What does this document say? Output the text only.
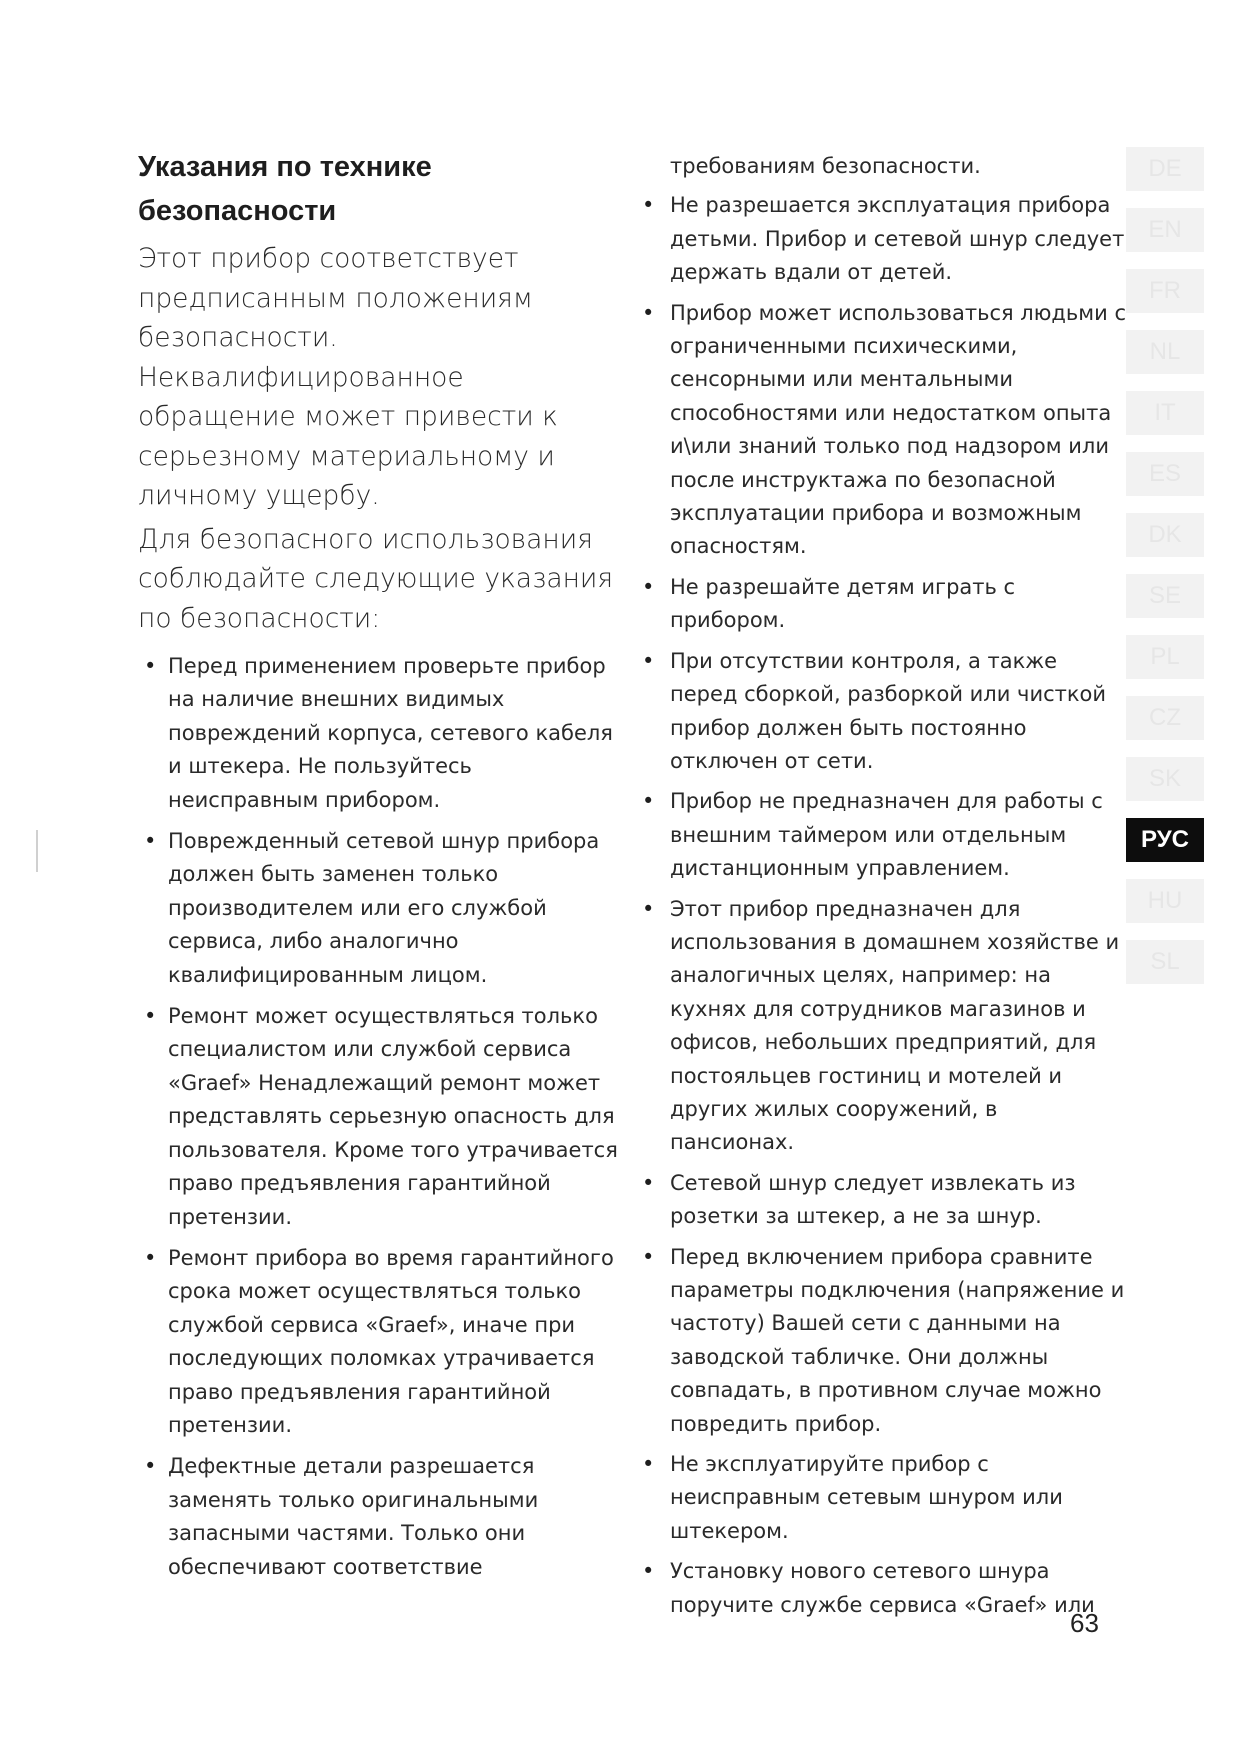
Указания по технике безопасности

Этот прибор соответствует предписанным положениям безопасности.

Неквалифицированное обращение может привести к серьезному материальному и личному ущербу.

Для безопасного использования соблюдайте следующие указания по безопасности:

• Перед применением проверьте прибор на наличие внешних видимых повреждений корпуса, сетевого кабеля и штекера. Не пользуйтесь неисправным прибором.
• Поврежденный сетевой шнур прибора должен быть заменен только производителем или его службой сервиса, либо аналогично квалифицированным лицом.
• Ремонт может осуществляться только специалистом или службой сервиса «Graef» Ненадлежащий ремонт может представлять серьезную опасность для пользователя. Кроме того утрачивается право предъявления гарантийной претензии.
• Ремонт прибора во время гарантийного срока может осуществляться только службой сервиса «Graef», иначе при последующих поломках утрачивается право предъявления гарантийной претензии.
• Дефектные детали разрешается заменять только оригинальными запасными частями. Только они обеспечивают соответствие
требованиям безопасности.
• Не разрешается эксплуатация прибора детьми. Прибор и сетевой шнур следует держать вдали от детей.
• Прибор может использоваться людьми с ограниченными психическими, сенсорными или ментальными способностями или недостатком опыта и\или знаний только под надзором или после инструктажа по безопасной эксплуатации прибора и возможным опасностям.
• Не разрешайте детям играть с прибором.
• При отсутствии контроля, а также перед сборкой, разборкой или чисткой прибор должен быть постоянно отключен от сети.
• Прибор не предназначен для работы с внешним таймером или отдельным дистанционным управлением.
• Этот прибор предназначен для использования в домашнем хозяйстве и аналогичных целях, например: на кухнях для сотрудников магазинов и офисов, небольших предприятий, для постояльцев гостиниц и мотелей и других жилых сооружений, в пансионах.
• Сетевой шнур следует извлекать из розетки за штекер, а не за шнур.
• Перед включением прибора сравните параметры подключения (напряжение и частоту) Вашей сети с данными на заводской табличке. Они должны совпадать, в противном случае можно повредить прибор.
• Не эксплуатируйте прибор с неисправным сетевым шнуром или штекером.
• Установку нового сетевого шнура поручите службе сервиса «Graef» или
DE
EN
FR
NL
IT
ES
DK
SE
PL
CZ
SK
РУС
HU
SL
63
